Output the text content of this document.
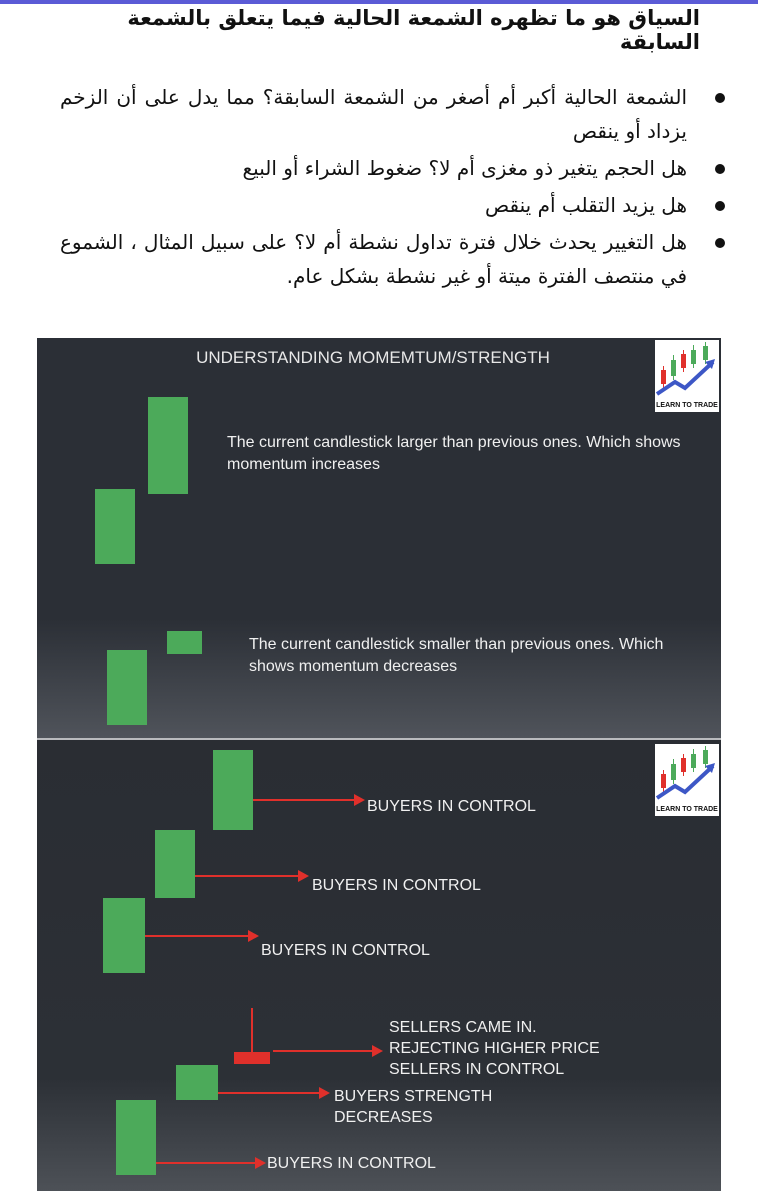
السياق هو ما تظهره الشمعة الحالية فيما يتعلق بالشمعة السابقة
الشمعة الحالية أكبر أم أصغر من الشمعة السابقة؟ مما يدل على أن الزخم يزداد أو ينقص
هل الحجم يتغير ذو مغزى أم لا؟ ضغوط الشراء أو البيع
هل يزيد التقلب أم ينقص
هل التغيير يحدث خلال فترة تداول نشطة أم لا؟ على سبيل المثال ، الشموع في منتصف الفترة ميتة أو غير نشطة بشكل عام.
UNDERSTANDING MOMEMTUM/STRENGTH
LEARN TO TRADE
The current candlestick larger than previous ones. Which shows momentum increases
The current candlestick smaller than previous ones. Which shows momentum decreases
LEARN TO TRADE
BUYERS IN CONTROL
BUYERS IN CONTROL
BUYERS IN CONTROL
SELLERS CAME IN.
REJECTING HIGHER PRICE
SELLERS IN CONTROL
BUYERS STRENGTH
DECREASES
BUYERS IN CONTROL
